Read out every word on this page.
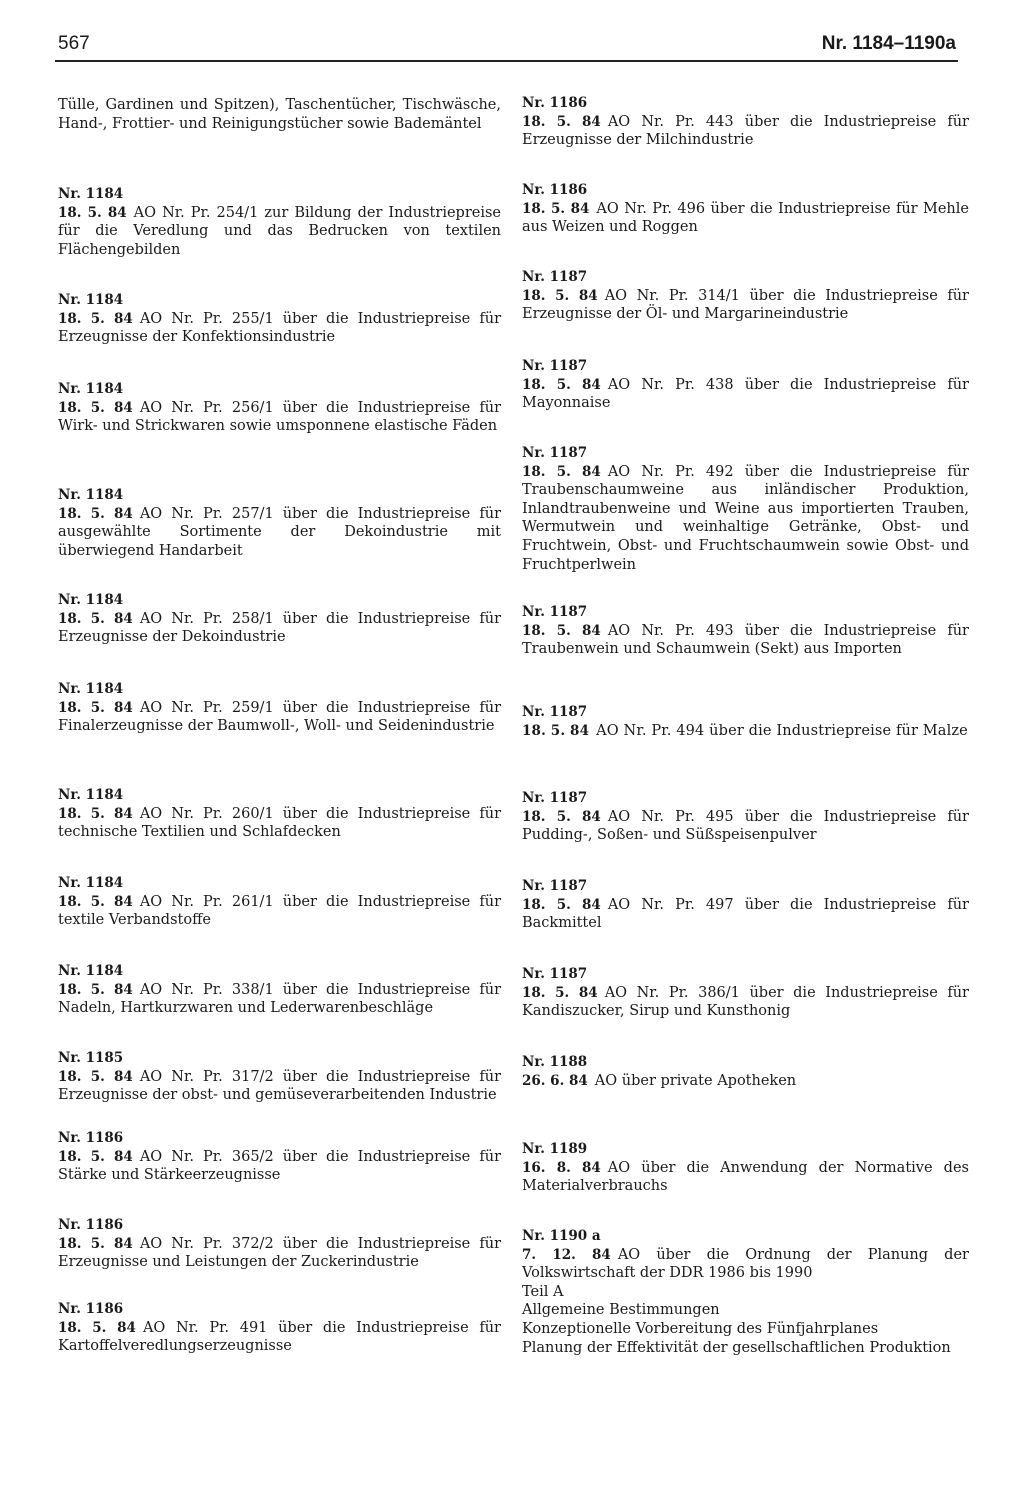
567	Nr. 1184–1190a

Tülle, Gardinen und Spitzen), Taschentücher, Tischwäsche, Hand-, Frottier- und Reinigungstücher sowie Bademäntel

Nr. 1184

18. 5. 84 AO Nr. Pr. 254/1 zur Bildung der Industriepreise für die Veredlung und das Bedrucken von textilen Flächengebilden

Nr. 1184

18. 5. 84 AO Nr. Pr. 255/1 über die Industriepreise für Erzeugnisse der Konfektionsindustrie

Nr. 1184

18. 5. 84 AO Nr. Pr. 256/1 über die Industriepreise für Wirk- und Strickwaren sowie umsponnene elastische Fäden

Nr. 1184

18. 5. 84 AO Nr. Pr. 257/1 über die Industriepreise für ausgewählte Sortimente der Dekoindustrie mit überwiegend Handarbeit

Nr. 1184

18. 5. 84 AO Nr. Pr. 258/1 über die Industriepreise für Erzeugnisse der Dekoindustrie

Nr. 1184

18. 5. 84 AO Nr. Pr. 259/1 über die Industriepreise für Finalerzeugnisse der Baumwoll-, Woll- und Seidenindustrie

Nr. 1184

18. 5. 84 AO Nr. Pr. 260/1 über die Industriepreise für technische Textilien und Schlafdecken

Nr. 1184

18. 5. 84 AO Nr. Pr. 261/1 über die Industriepreise für textile Verbandstoffe

Nr. 1184

18. 5. 84 AO Nr. Pr. 338/1 über die Industriepreise für Nadeln, Hartkurzwaren und Lederwarenbeschläge

Nr. 1185

18. 5. 84 AO Nr. Pr. 317/2 über die Industriepreise für Erzeugnisse der obst- und gemüseverarbeitenden Industrie

Nr. 1186

18. 5. 84 AO Nr. Pr. 365/2 über die Industriepreise für Stärke und Stärkeerzeugnisse

Nr. 1186

18. 5. 84 AO Nr. Pr. 372/2 über die Industriepreise für Erzeugnisse und Leistungen der Zuckerindustrie

Nr. 1186

18. 5. 84 AO Nr. Pr. 491 über die Industriepreise für Kartoffelveredlungserzeugnisse

Nr. 1186

18. 5. 84 AO Nr. Pr. 443 über die Industriepreise für Erzeugnisse der Milchindustrie

Nr. 1186

18. 5. 84 AO Nr. Pr. 496 über die Industriepreise für Mehle aus Weizen und Roggen

Nr. 1187

18. 5. 84 AO Nr. Pr. 314/1 über die Industriepreise für Erzeugnisse der Öl- und Margarineindustrie

Nr. 1187

18. 5. 84 AO Nr. Pr. 438 über die Industriepreise für Mayonnaise

Nr. 1187

18. 5. 84 AO Nr. Pr. 492 über die Industriepreise für Traubenschaumweine aus inländischer Produktion, Inlandtraubenweine und Weine aus importierten Trauben, Wermutwein und weinhaltige Getränke, Obst- und Fruchtwein, Obst- und Fruchtschaumwein sowie Obst- und Fruchtperlwein

Nr. 1187

18. 5. 84 AO Nr. Pr. 493 über die Industriepreise für Traubenwein und Schaumwein (Sekt) aus Importen

Nr. 1187

18. 5. 84 AO Nr. Pr. 494 über die Industriepreise für Malze

Nr. 1187

18. 5. 84 AO Nr. Pr. 495 über die Industriepreise für Pudding-, Soßen- und Süßspeisenpulver

Nr. 1187

18. 5. 84 AO Nr. Pr. 497 über die Industriepreise für Backmittel

Nr. 1187

18. 5. 84 AO Nr. Pr. 386/1 über die Industriepreise für Kandiszucker, Sirup und Kunsthonig

Nr. 1188

26. 6. 84 AO über private Apotheken

Nr. 1189

16. 8. 84 AO über die Anwendung der Normative des Materialverbrauchs

Nr. 1190 a

7. 12. 84 AO über die Ordnung der Planung der Volkswirtschaft der DDR 1986 bis 1990

Teil A

Allgemeine Bestimmungen

Konzeptionelle Vorbereitung des Fünfjahrplanes

Planung der Effektivität der gesellschaftlichen Produktion
